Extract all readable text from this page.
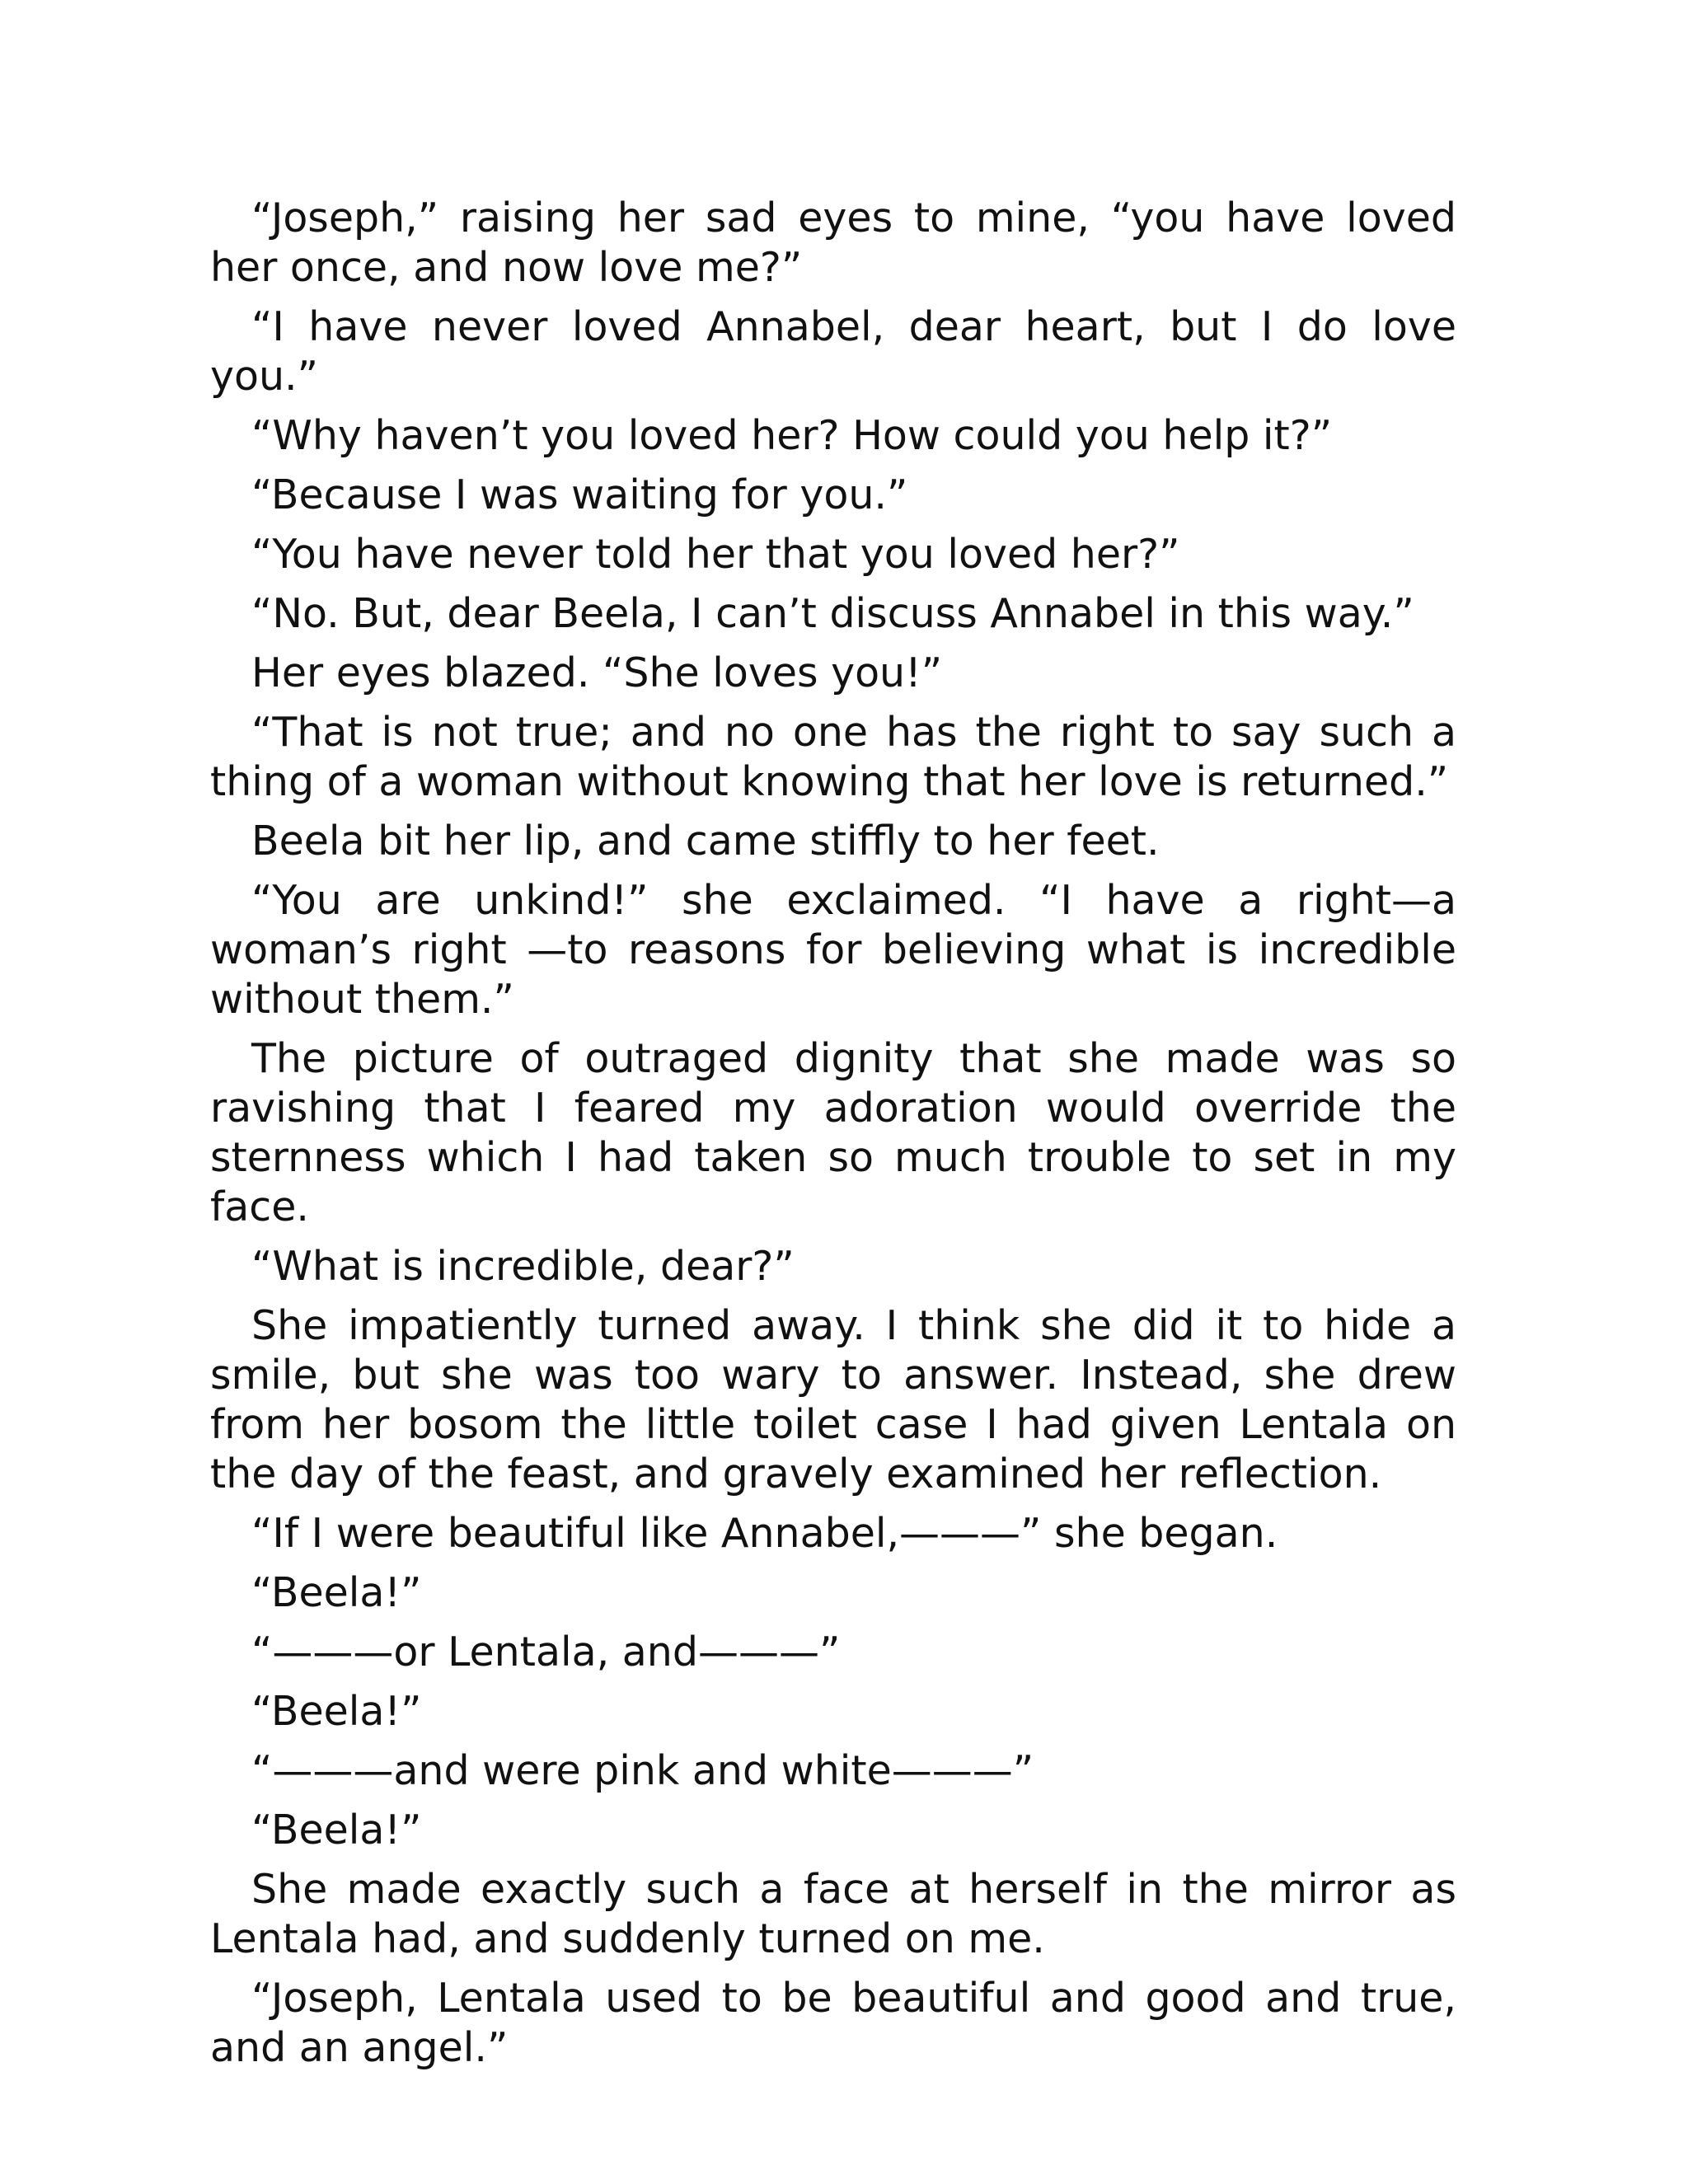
“Joseph,” raising her sad eyes to mine, “you have loved her once, and now love me?”

“I have never loved Annabel, dear heart, but I do love you.”

“Why haven’t you loved her? How could you help it?”

“Because I was waiting for you.”

“You have never told her that you loved her?”

“No. But, dear Beela, I can’t discuss Annabel in this way.”

Her eyes blazed. “She loves you!”

“That is not true; and no one has the right to say such a thing of a woman without knowing that her love is returned.”

Beela bit her lip, and came stiffly to her feet.

“You are unkind!” she exclaimed. “I have a right—a woman’s right —to reasons for believing what is incredible without them.”

The picture of outraged dignity that she made was so ravishing that I feared my adoration would override the sternness which I had taken so much trouble to set in my face.

“What is incredible, dear?”

She impatiently turned away. I think she did it to hide a smile, but she was too wary to answer. Instead, she drew from her bosom the little toilet case I had given Lentala on the day of the feast, and gravely examined her reflection.

“If I were beautiful like Annabel,———” she began.

“Beela!”

“———or Lentala, and———”

“Beela!”

“———and were pink and white———”

“Beela!”

She made exactly such a face at herself in the mirror as Lentala had, and suddenly turned on me.

“Joseph, Lentala used to be beautiful and good and true, and an angel.”
